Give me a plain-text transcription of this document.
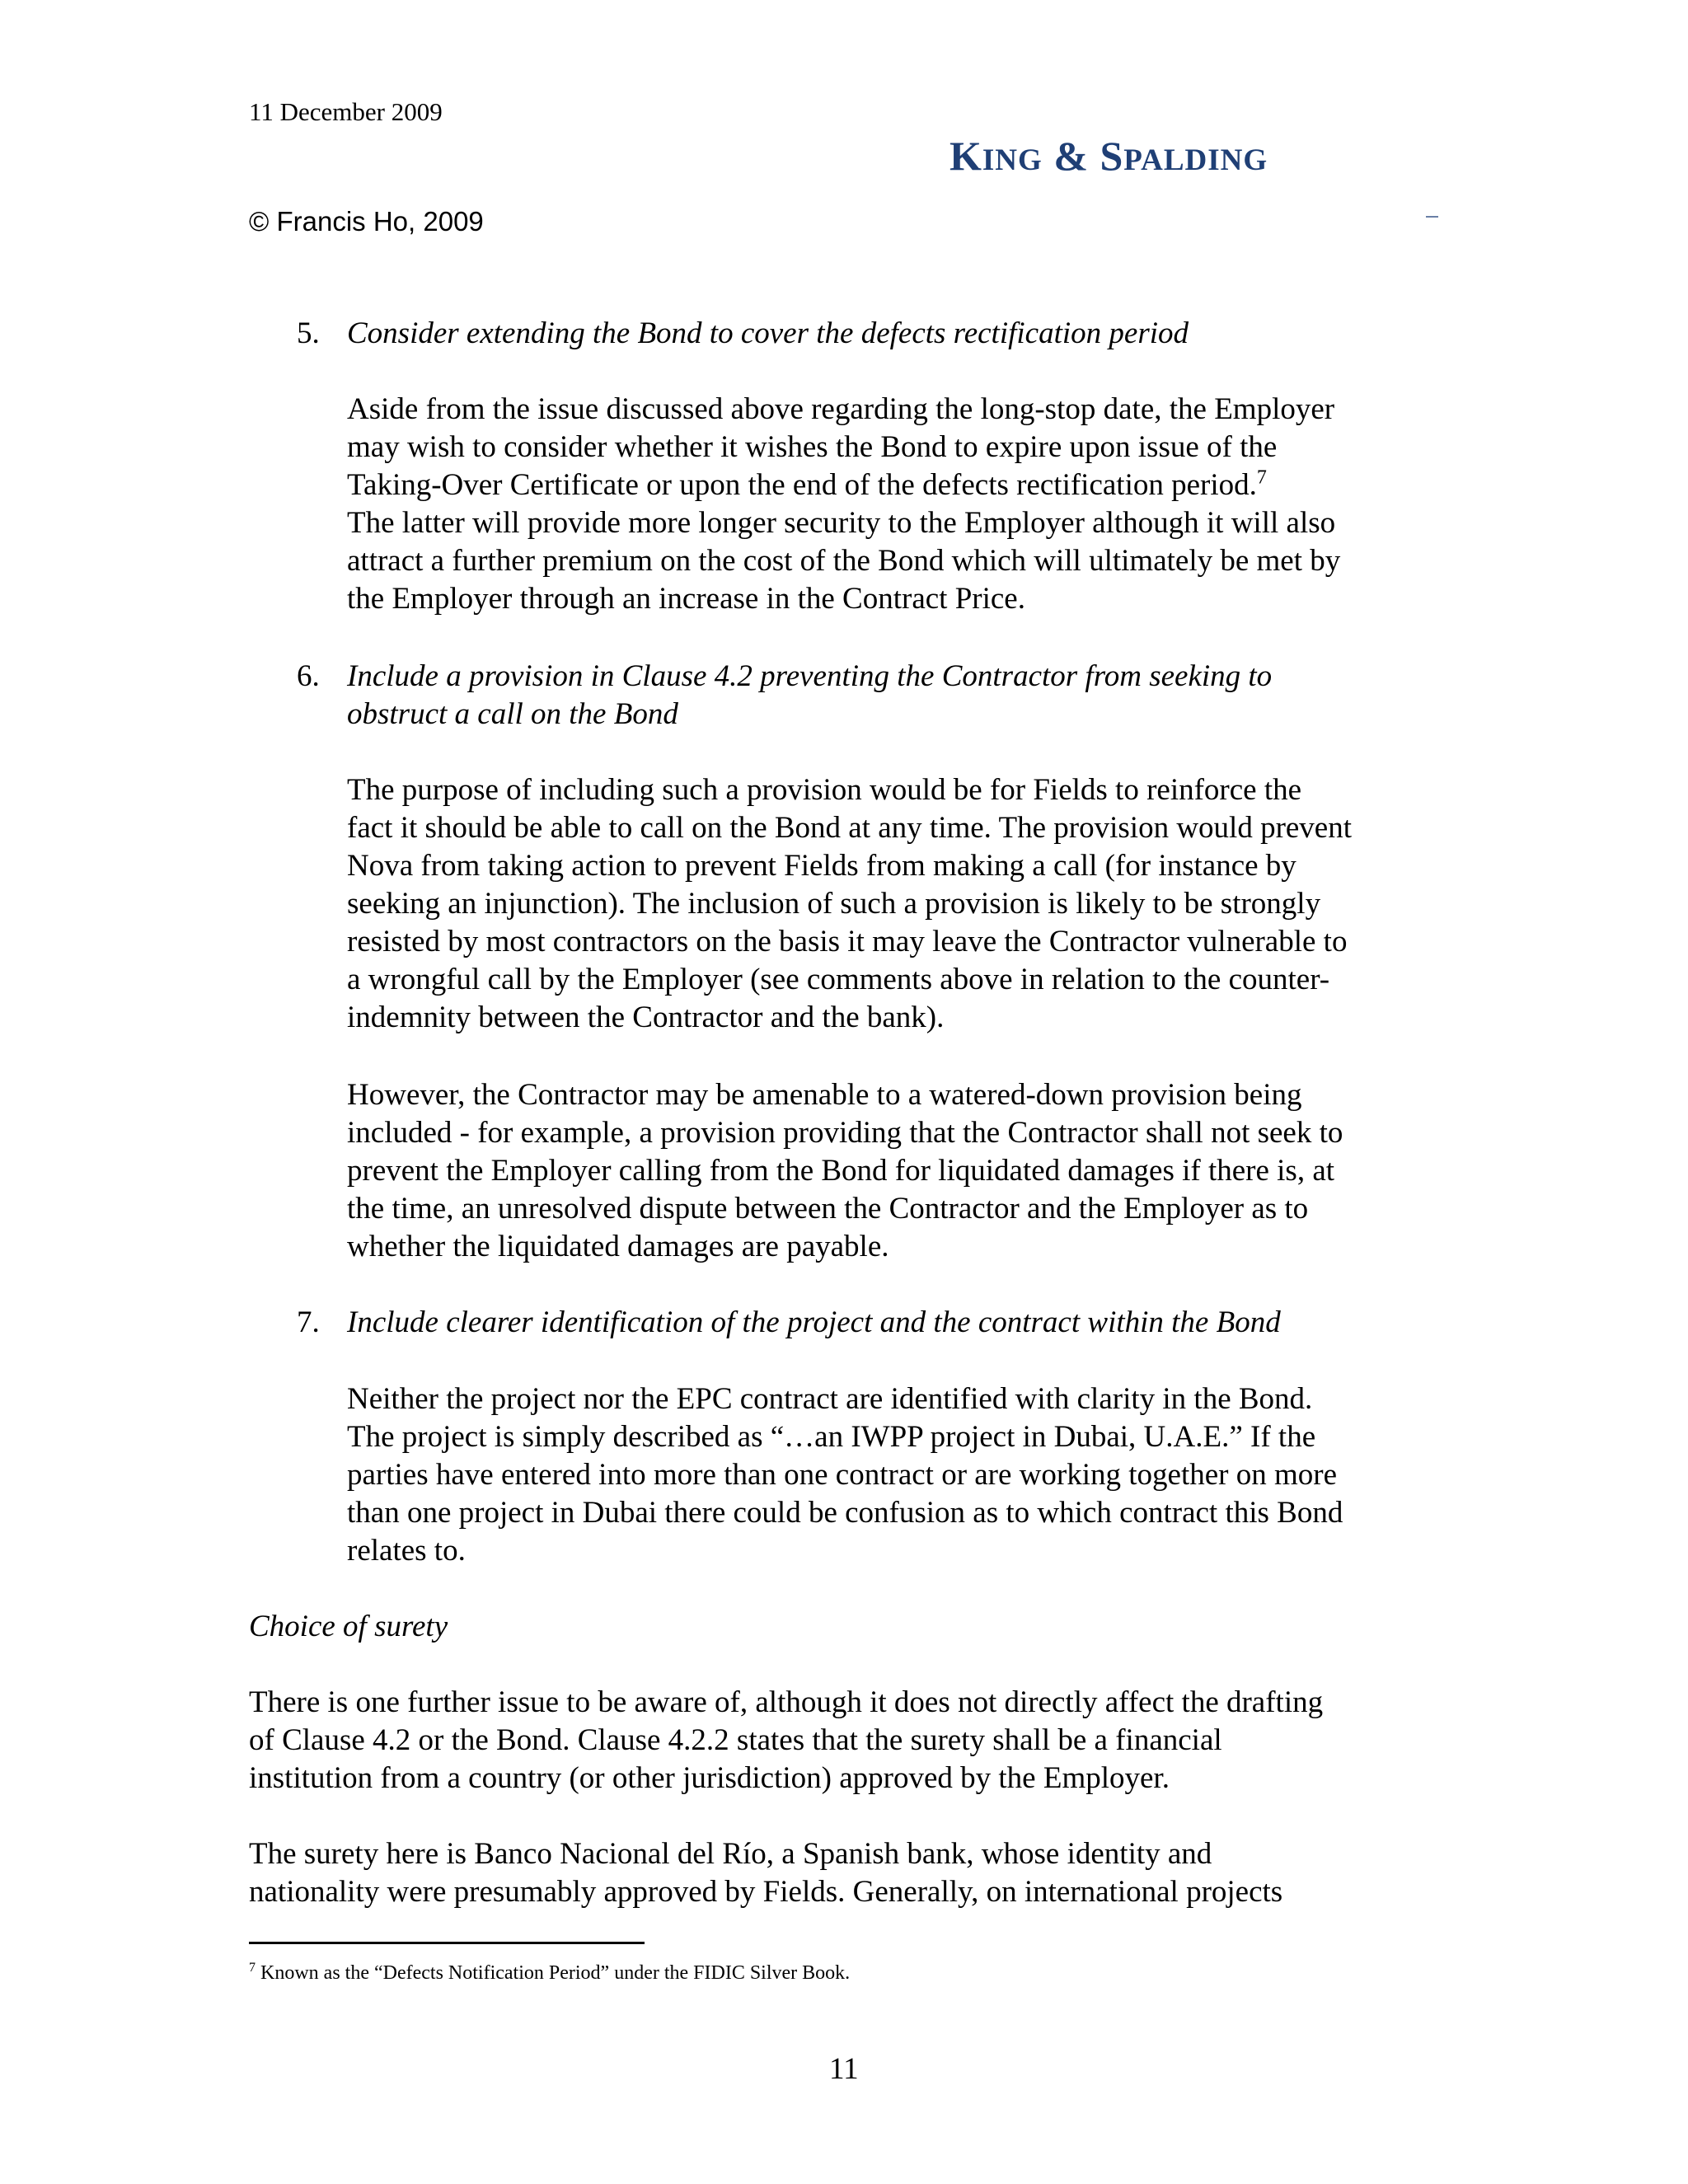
11 December 2009
KING & SPALDING
© Francis Ho, 2009
5. Consider extending the Bond to cover the defects rectification period
Aside from the issue discussed above regarding the long-stop date, the Employer
may wish to consider whether it wishes the Bond to expire upon issue of the
Taking-Over Certificate or upon the end of the defects rectification period.$^7$
The latter will provide more longer security to the Employer although it will also
attract a further premium on the cost of the Bond which will ultimately be met by
the Employer through an increase in the Contract Price.

6. Include a provision in Clause 4.2 preventing the Contractor from seeking to
obstruct a call on the Bond

The purpose of including such a provision would be for Fields to reinforce the
fact it should be able to call on the Bond at any time. The provision would prevent
Nova from taking action to prevent Fields from making a call (for instance by
seeking an injunction). The inclusion of such a provision is likely to be strongly
resisted by most contractors on the basis it may leave the Contractor vulnerable to
a wrongful call by the Employer (see comments above in relation to the counter-
indemnity between the Contractor and the bank).
However, the Contractor may be amenable to a watered-down provision being
included - for example, a provision providing that the Contractor shall not seek to
prevent the Employer calling from the Bond for liquidated damages if there is, at
the time, an unresolved dispute between the Contractor and the Employer as to
whether the liquidated damages are payable.
7. Include clearer identification of the project and the contract within the Bond
Neither the project nor the EPC contract are identified with clarity in the Bond.
The project is simply described as “…an IWPP project in Dubai, U.A.E.” If the
parties have entered into more than one contract or are working together on more
than one project in Dubai there could be confusion as to which contract this Bond
relates to.
Choice of surety
There is one further issue to be aware of, although it does not directly affect the drafting
of Clause 4.2 or the Bond. Clause 4.2.2 states that the surety shall be a financial
institution from a country (or other jurisdiction) approved by the Employer.
The surety here is Banco Nacional del Río, a Spanish bank, whose identity and
nationality were presumably approved by Fields. Generally, on international projects
$^7$ Known as the “Defects Notification Period” under the FIDIC Silver Book.
11
